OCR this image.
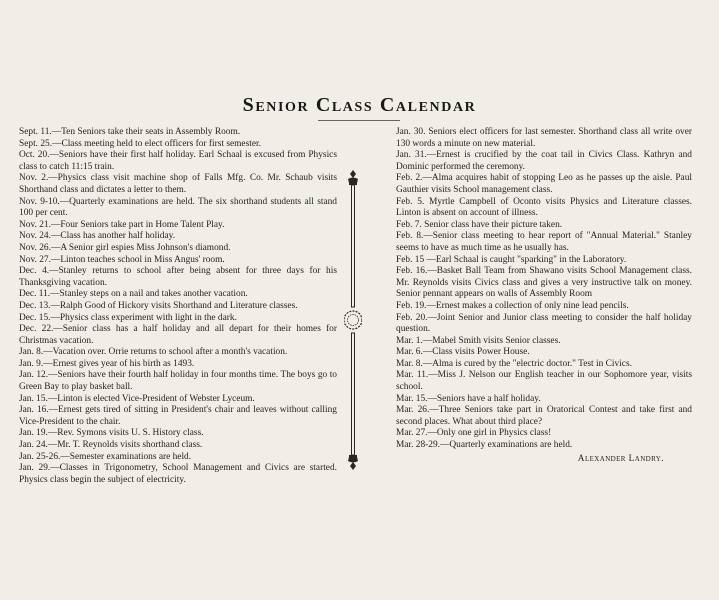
Senior Class Calendar

Sept. 11.—Ten Seniors take their seats in Assembly Room.

Sept. 25.—Class meeting held to elect officers for first semester.

Oct. 20.—Seniors have their first half holiday. Earl Schaal is excused from Physics class to catch 11:15 train.

Nov. 2.—Physics class visit machine shop of Falls Mfg. Co. Mr. Schaub visits Shorthand class and dictates a letter to them.

Nov. 9-10.—Quarterly examinations are held. The six shorthand students all stand 100 per cent.

Nov. 21.—Four Seniors take part in Home Talent Play.

Nov. 24.—Class has another half holiday.

Nov. 26.—A Senior girl espies Miss Johnson's diamond.

Nov. 27.—Linton teaches school in Miss Angus' room.

Dec. 4.—Stanley returns to school after being absent for three days for his Thanksgiving vacation.

Dec. 11.—Stanley steps on a nail and takes another vacation.

Dec. 13.—Ralph Good of Hickory visits Shorthand and Literature classes.

Dec. 15.—Physics class experiment with light in the dark.

Dec. 22.—Senior class has a half holiday and all depart for their homes for Christmas vacation.

Jan. 8.—Vacation over. Orrie returns to school after a month's vacation.

Jan. 9.—Ernest gives year of his birth as 1493.

Jan. 12.—Seniors have their fourth half holiday in four months time. The boys go to Green Bay to play basket ball.

Jan. 15.—Linton is elected Vice-President of Webster Lyceum.

Jan. 16.—Ernest gets tired of sitting in President's chair and leaves without calling Vice-President to the chair.

Jan. 19.—Rev. Symons visits U. S. History class.

Jan. 24.—Mr. T. Reynolds visits shorthand class.

Jan. 25-26.—Semester examinations are held.

Jan. 29.—Classes in Trigonometry, School Management and Civics are started. Physics class begin the subject of electricity.

Jan. 30. Seniors elect officers for last semester. Shorthand class all write over 130 words a minute on new material.

Jan. 31.—Ernest is crucified by the coat tail in Civics Class. Kathryn and Dominic performed the ceremony.

Feb. 2.—Alma acquires habit of stopping Leo as he passes up the aisle. Paul Gauthier visits School management class.

Feb. 5. Myrtle Campbell of Oconto visits Physics and Literature classes. Linton is absent on account of illness.

Feb. 7. Senior class have their picture taken.

Feb. 8.—Senior class meeting to hear report of "Annual Material." Stanley seems to have as much time as he usually has.

Feb. 15 —Earl Schaal is caught "sparking" in the Laboratory.

Feb. 16.—Basket Ball Team from Shawano visits School Management class. Mr. Reynolds visits Civics class and gives a very instructive talk on money. Senior pennant appears on walls of Assembly Room

Feb. 19.—Ernest makes a collection of only nine lead pencils.

Feb. 20.—Joint Senior and Junior class meeting to consider the half holiday question.

Mar. 1.—Mabel Smith visits Senior classes.

Mar. 6.—Class visits Power House.

Mar. 8.—Alma is cured by the "electric doctor." Test in Civics.

Mar. 11.—Miss J. Nelson our English teacher in our Sophomore year, visits school.

Mar. 15.—Seniors have a half holiday.

Mar. 26.—Three Seniors take part in Oratorical Contest and take first and second places. What about third place?

Mar. 27.—Only one girl in Physics class!

Mar. 28-29.—Quarterly examinations are held.

Alexander Landry.
